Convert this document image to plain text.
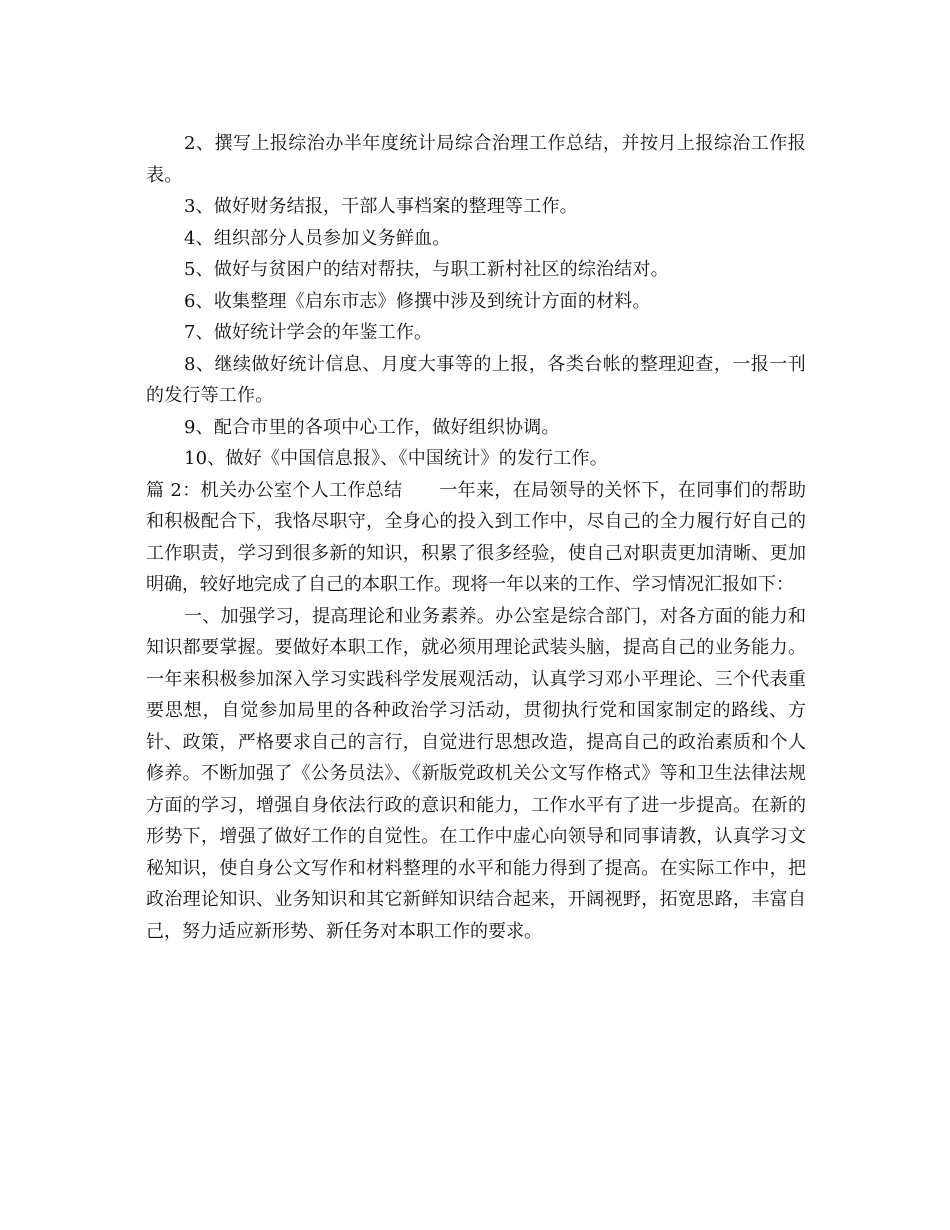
2、撰写上报综治办半年度统计局综合治理工作总结，并按月上报综治工作报表。

3、做好财务结报，干部人事档案的整理等工作。

4、组织部分人员参加义务鲜血。

5、做好与贫困户的结对帮扶，与职工新村社区的综治结对。

6、收集整理《启东市志》修撰中涉及到统计方面的材料。

7、做好统计学会的年鉴工作。

8、继续做好统计信息、月度大事等的上报，各类台帐的整理迎查，一报一刊的发行等工作。

9、配合市里的各项中心工作，做好组织协调。

10、做好《中国信息报》、《中国统计》的发行工作。

篇 2：机关办公室个人工作总结　　一年来，在局领导的关怀下，在同事们的帮助和积极配合下，我恪尽职守，全身心的投入到工作中，尽自己的全力履行好自己的工作职责，学习到很多新的知识，积累了很多经验，使自己对职责更加清晰、更加明确，较好地完成了自己的本职工作。现将一年以来的工作、学习情况汇报如下：

一、加强学习，提高理论和业务素养。办公室是综合部门，对各方面的能力和知识都要掌握。要做好本职工作，就必须用理论武装头脑，提高自己的业务能力。一年来积极参加深入学习实践科学发展观活动，认真学习邓小平理论、三个代表重要思想，自觉参加局里的各种政治学习活动，贯彻执行党和国家制定的路线、方针、政策，严格要求自己的言行，自觉进行思想改造，提高自己的政治素质和个人修养。不断加强了《公务员法》、《新版党政机关公文写作格式》等和卫生法律法规方面的学习，增强自身依法行政的意识和能力，工作水平有了进一步提高。在新的形势下，增强了做好工作的自觉性。在工作中虚心向领导和同事请教，认真学习文秘知识，使自身公文写作和材料整理的水平和能力得到了提高。在实际工作中，把政治理论知识、业务知识和其它新鲜知识结合起来，开阔视野，拓宽思路，丰富自己，努力适应新形势、新任务对本职工作的要求。
